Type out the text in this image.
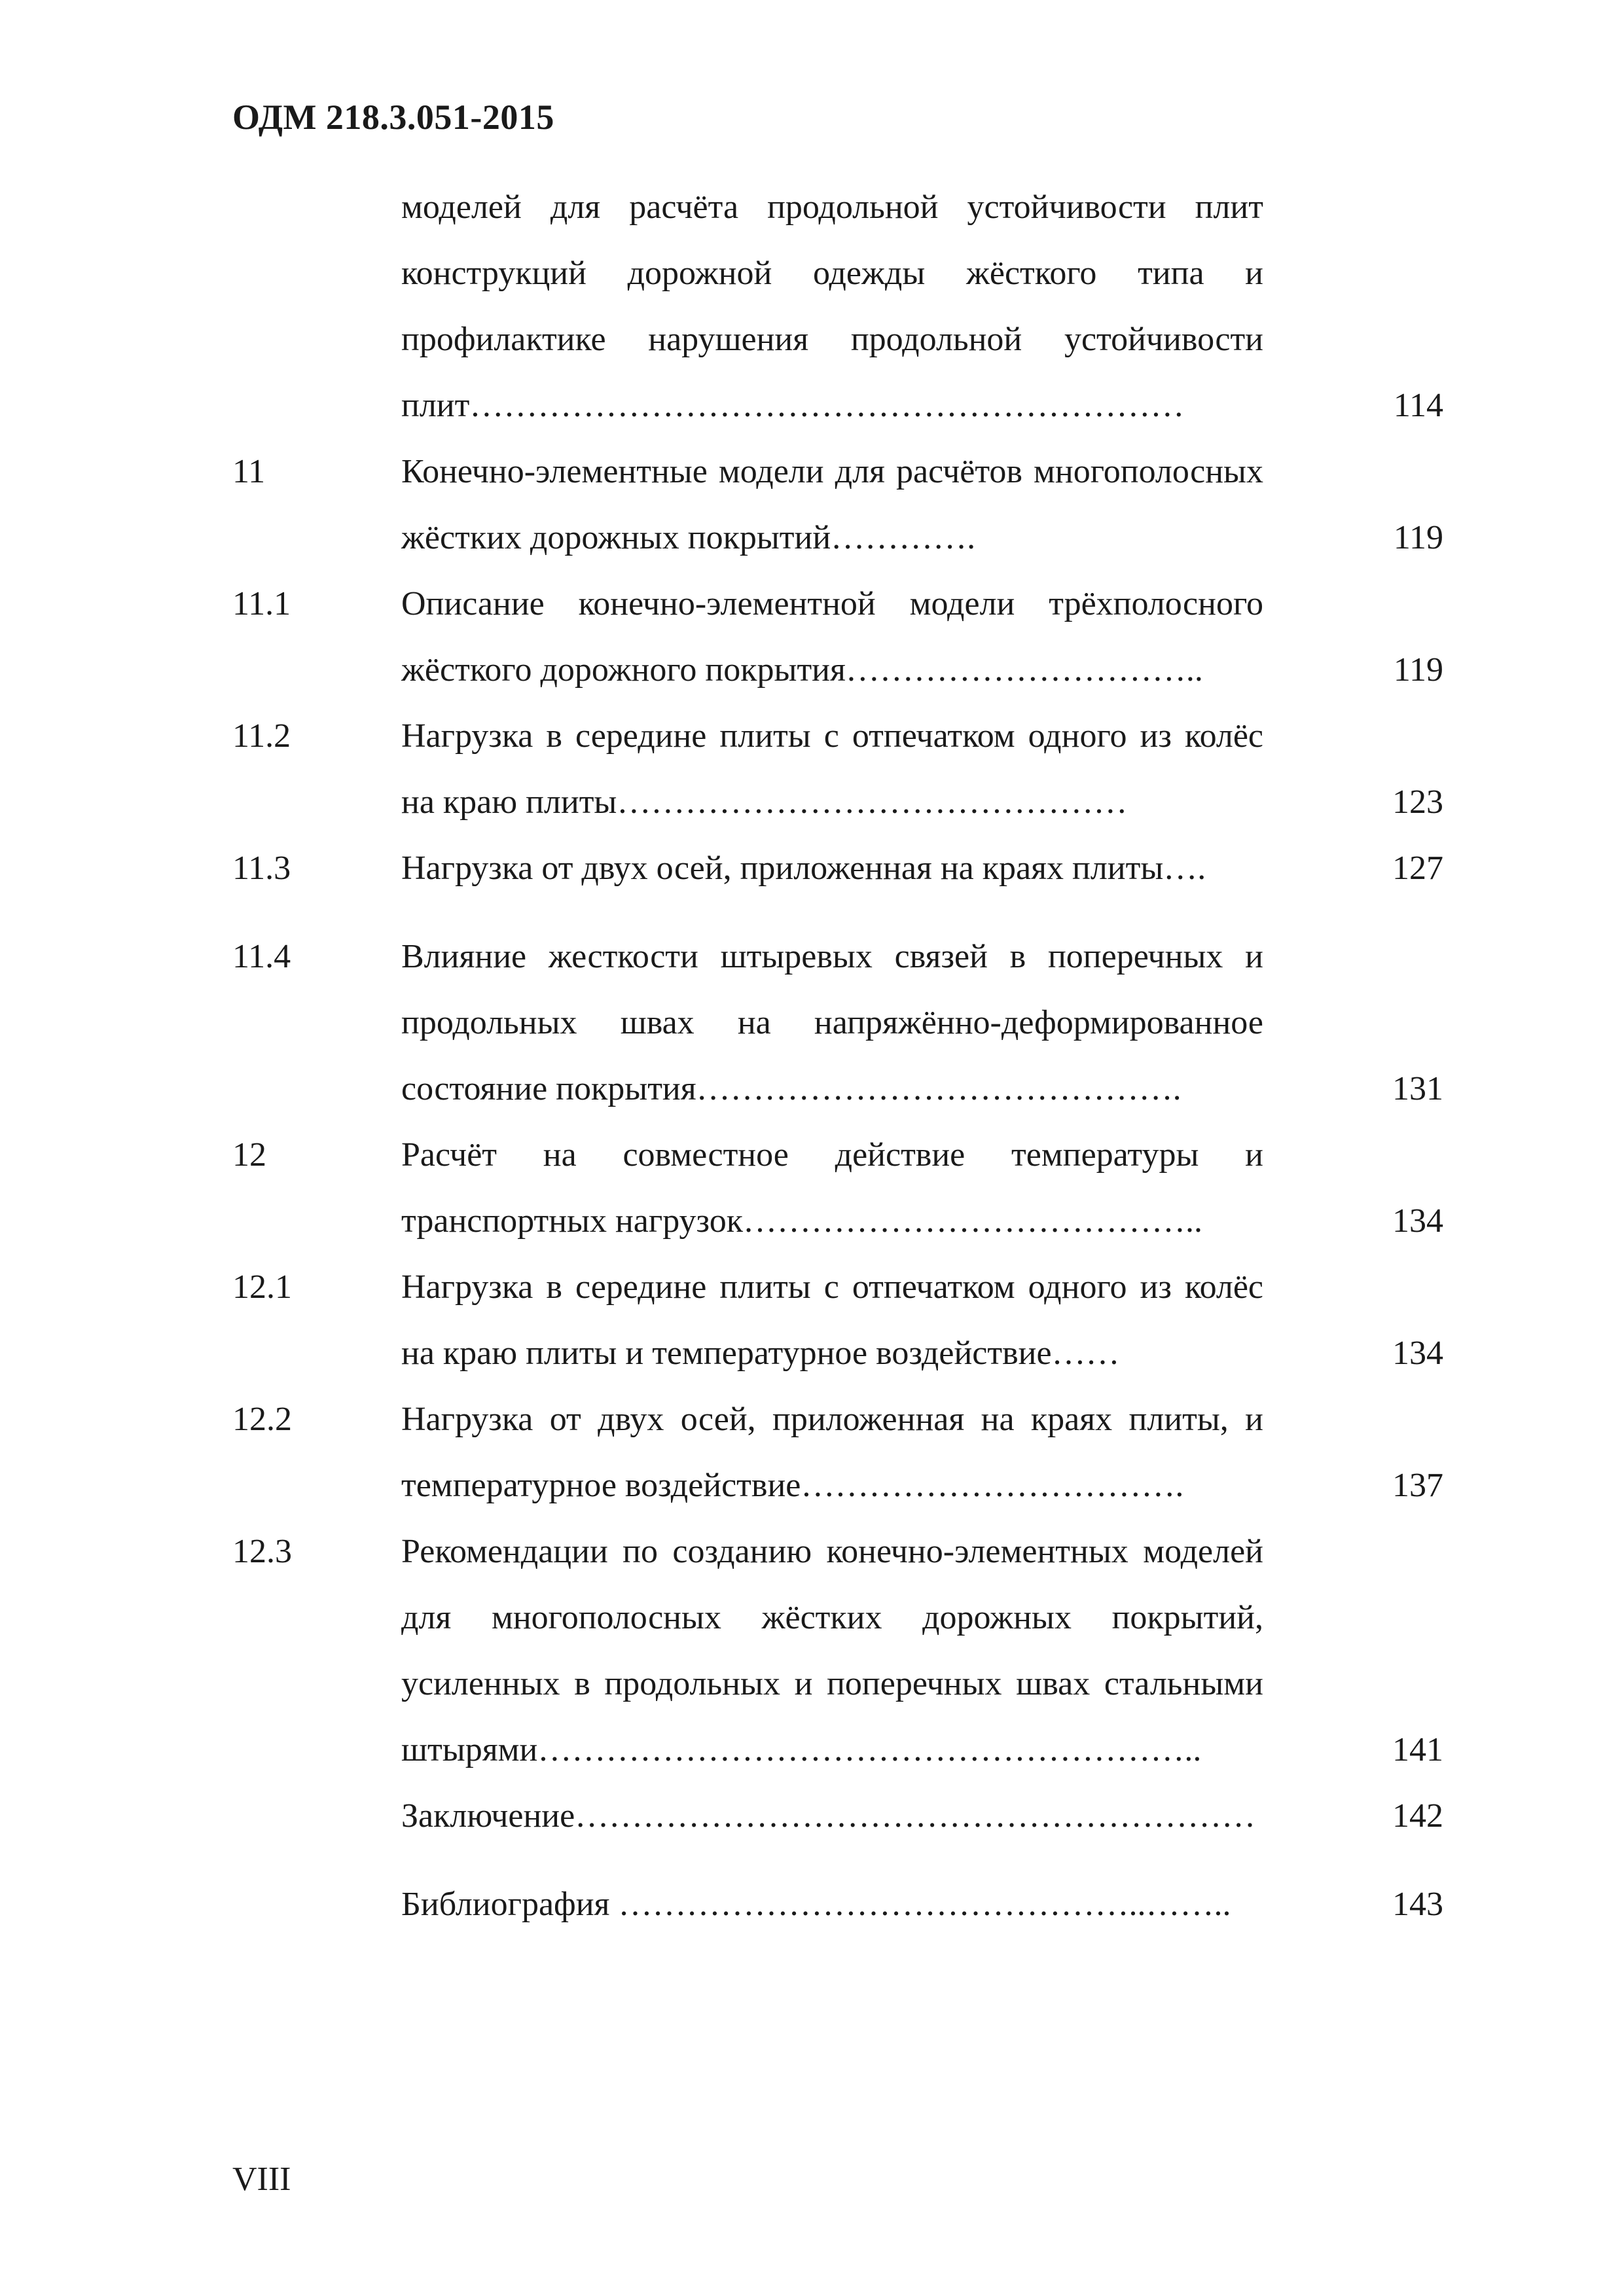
ОДМ 218.3.051-2015
моделей для расчёта продольной устойчивости плит конструкций дорожной одежды жёсткого типа и профилактике нарушения продольной устойчивости плит………………………………………………………	114
11	Конечно-элементные модели для расчётов многополосных жёстких дорожных покрытий………….	119
11.1	Описание конечно-элементной модели трёхполосного жёсткого дорожного покрытия…………………………..	119
11.2	Нагрузка в середине плиты с отпечатком одного из колёс на краю плиты………………………………………	123
11.3	Нагрузка от двух осей, приложенная на краях плиты….	127
11.4	Влияние жесткости штыревых связей в поперечных и продольных швах на напряжённо-деформированное состояние покрытия…………………………………….	131
12	Расчёт на совместное действие температуры и транспортных нагрузок…………………………………..	134
12.1	Нагрузка в середине плиты с отпечатком одного из колёс на краю плиты и температурное воздействие……	134
12.2	Нагрузка от двух осей, приложенная на краях плиты, и температурное воздействие…………………………….	137
12.3	Рекомендации по созданию конечно-элементных моделей для многополосных жёстких дорожных покрытий, усиленных в продольных и поперечных швах стальными штырями…………………………………………………..	141
Заключение……………………………………………………	142
Библиография ………………………………………..……..	143
VIII
